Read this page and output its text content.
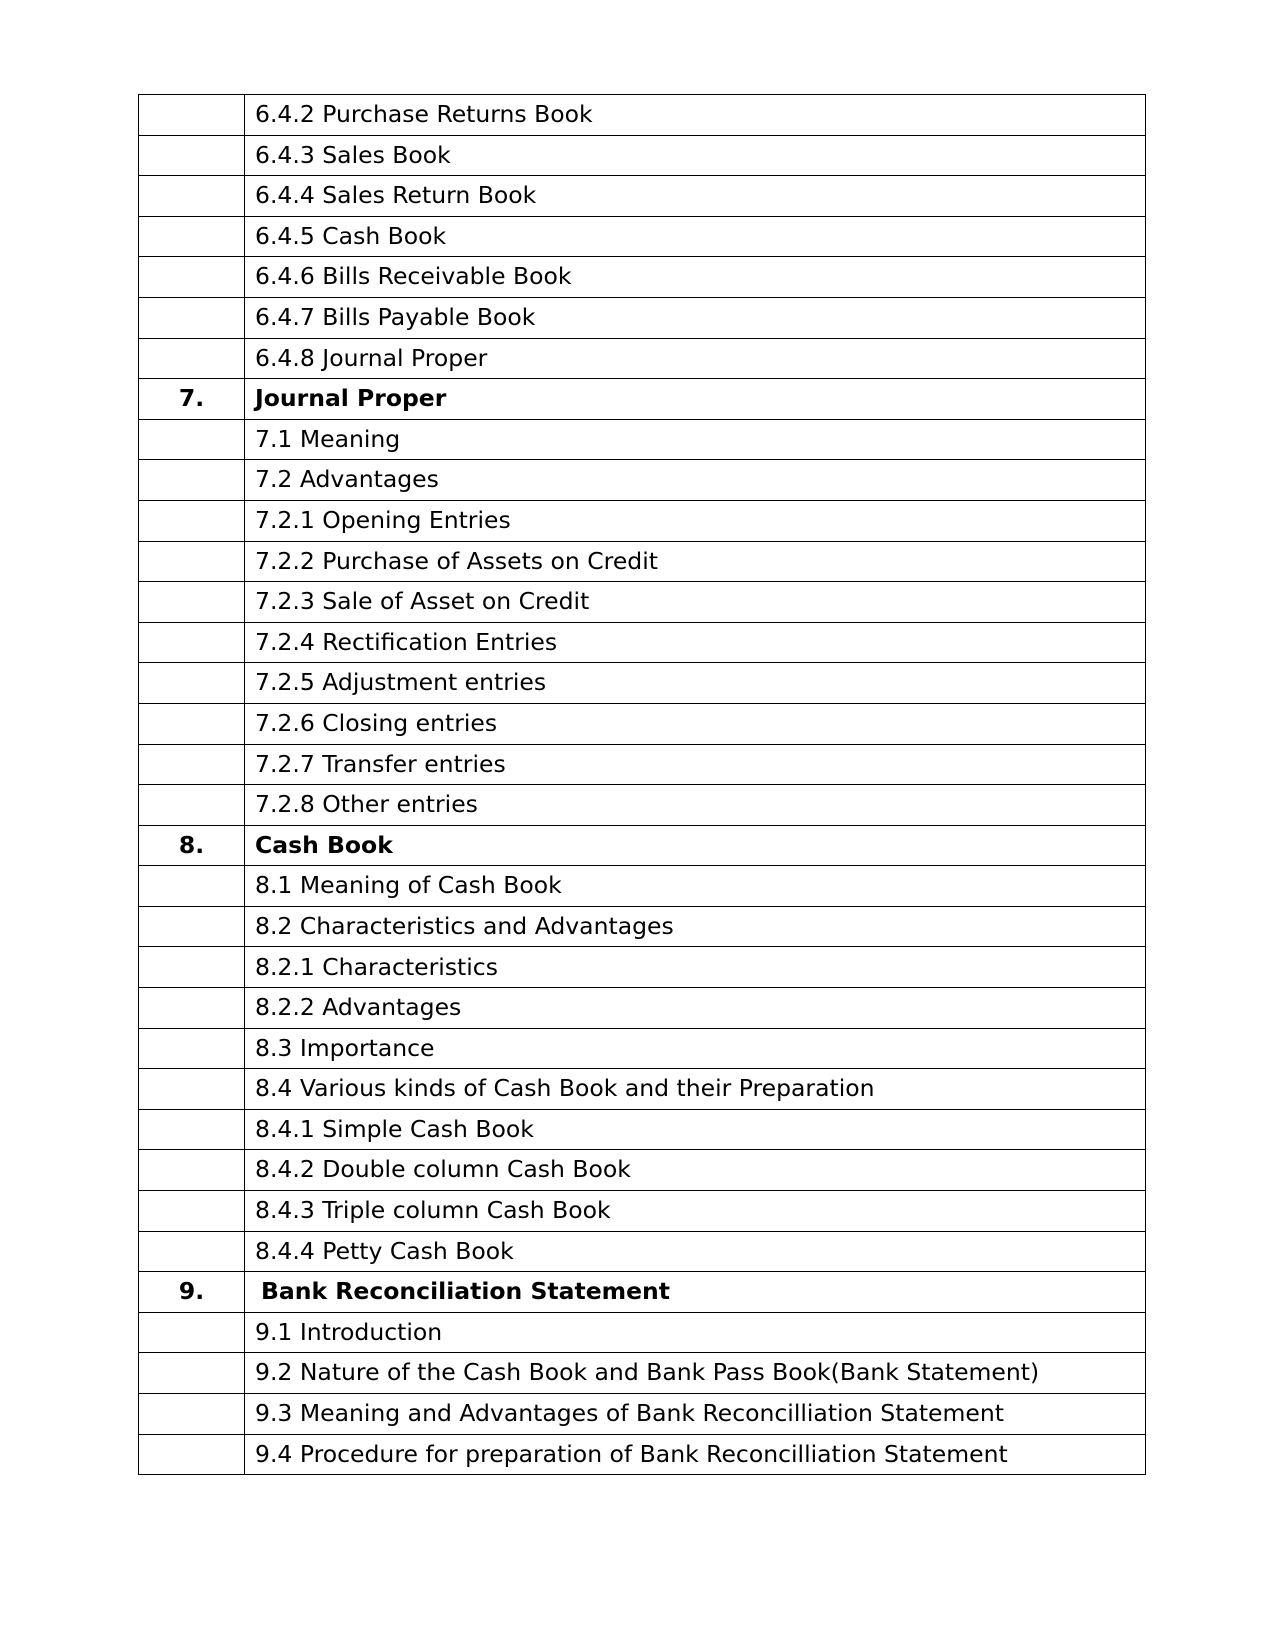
	6.4.2 Purchase Returns Book
	6.4.3 Sales Book
	6.4.4 Sales Return Book
	6.4.5 Cash Book
	6.4.6 Bills Receivable Book
	6.4.7 Bills Payable Book
	6.4.8 Journal Proper
7.	Journal Proper
	7.1 Meaning
	7.2 Advantages
	7.2.1 Opening Entries
	7.2.2 Purchase of Assets on Credit
	7.2.3 Sale of Asset on Credit
	7.2.4 Rectification Entries
	7.2.5 Adjustment entries
	7.2.6 Closing entries
	7.2.7 Transfer entries
	7.2.8 Other entries
8.	Cash Book
	8.1 Meaning of Cash Book
	8.2 Characteristics and Advantages
	8.2.1 Characteristics
	8.2.2 Advantages
	8.3 Importance
	8.4 Various kinds of Cash Book and their Preparation
	8.4.1 Simple Cash Book
	8.4.2 Double column Cash Book
	8.4.3 Triple column Cash Book
	8.4.4 Petty Cash Book
9.	Bank Reconciliation Statement
	9.1 Introduction
	9.2 Nature of the Cash Book and Bank Pass Book(Bank Statement)
	9.3 Meaning and Advantages of Bank Reconcilliation Statement
	9.4 Procedure for preparation of Bank Reconcilliation Statement
